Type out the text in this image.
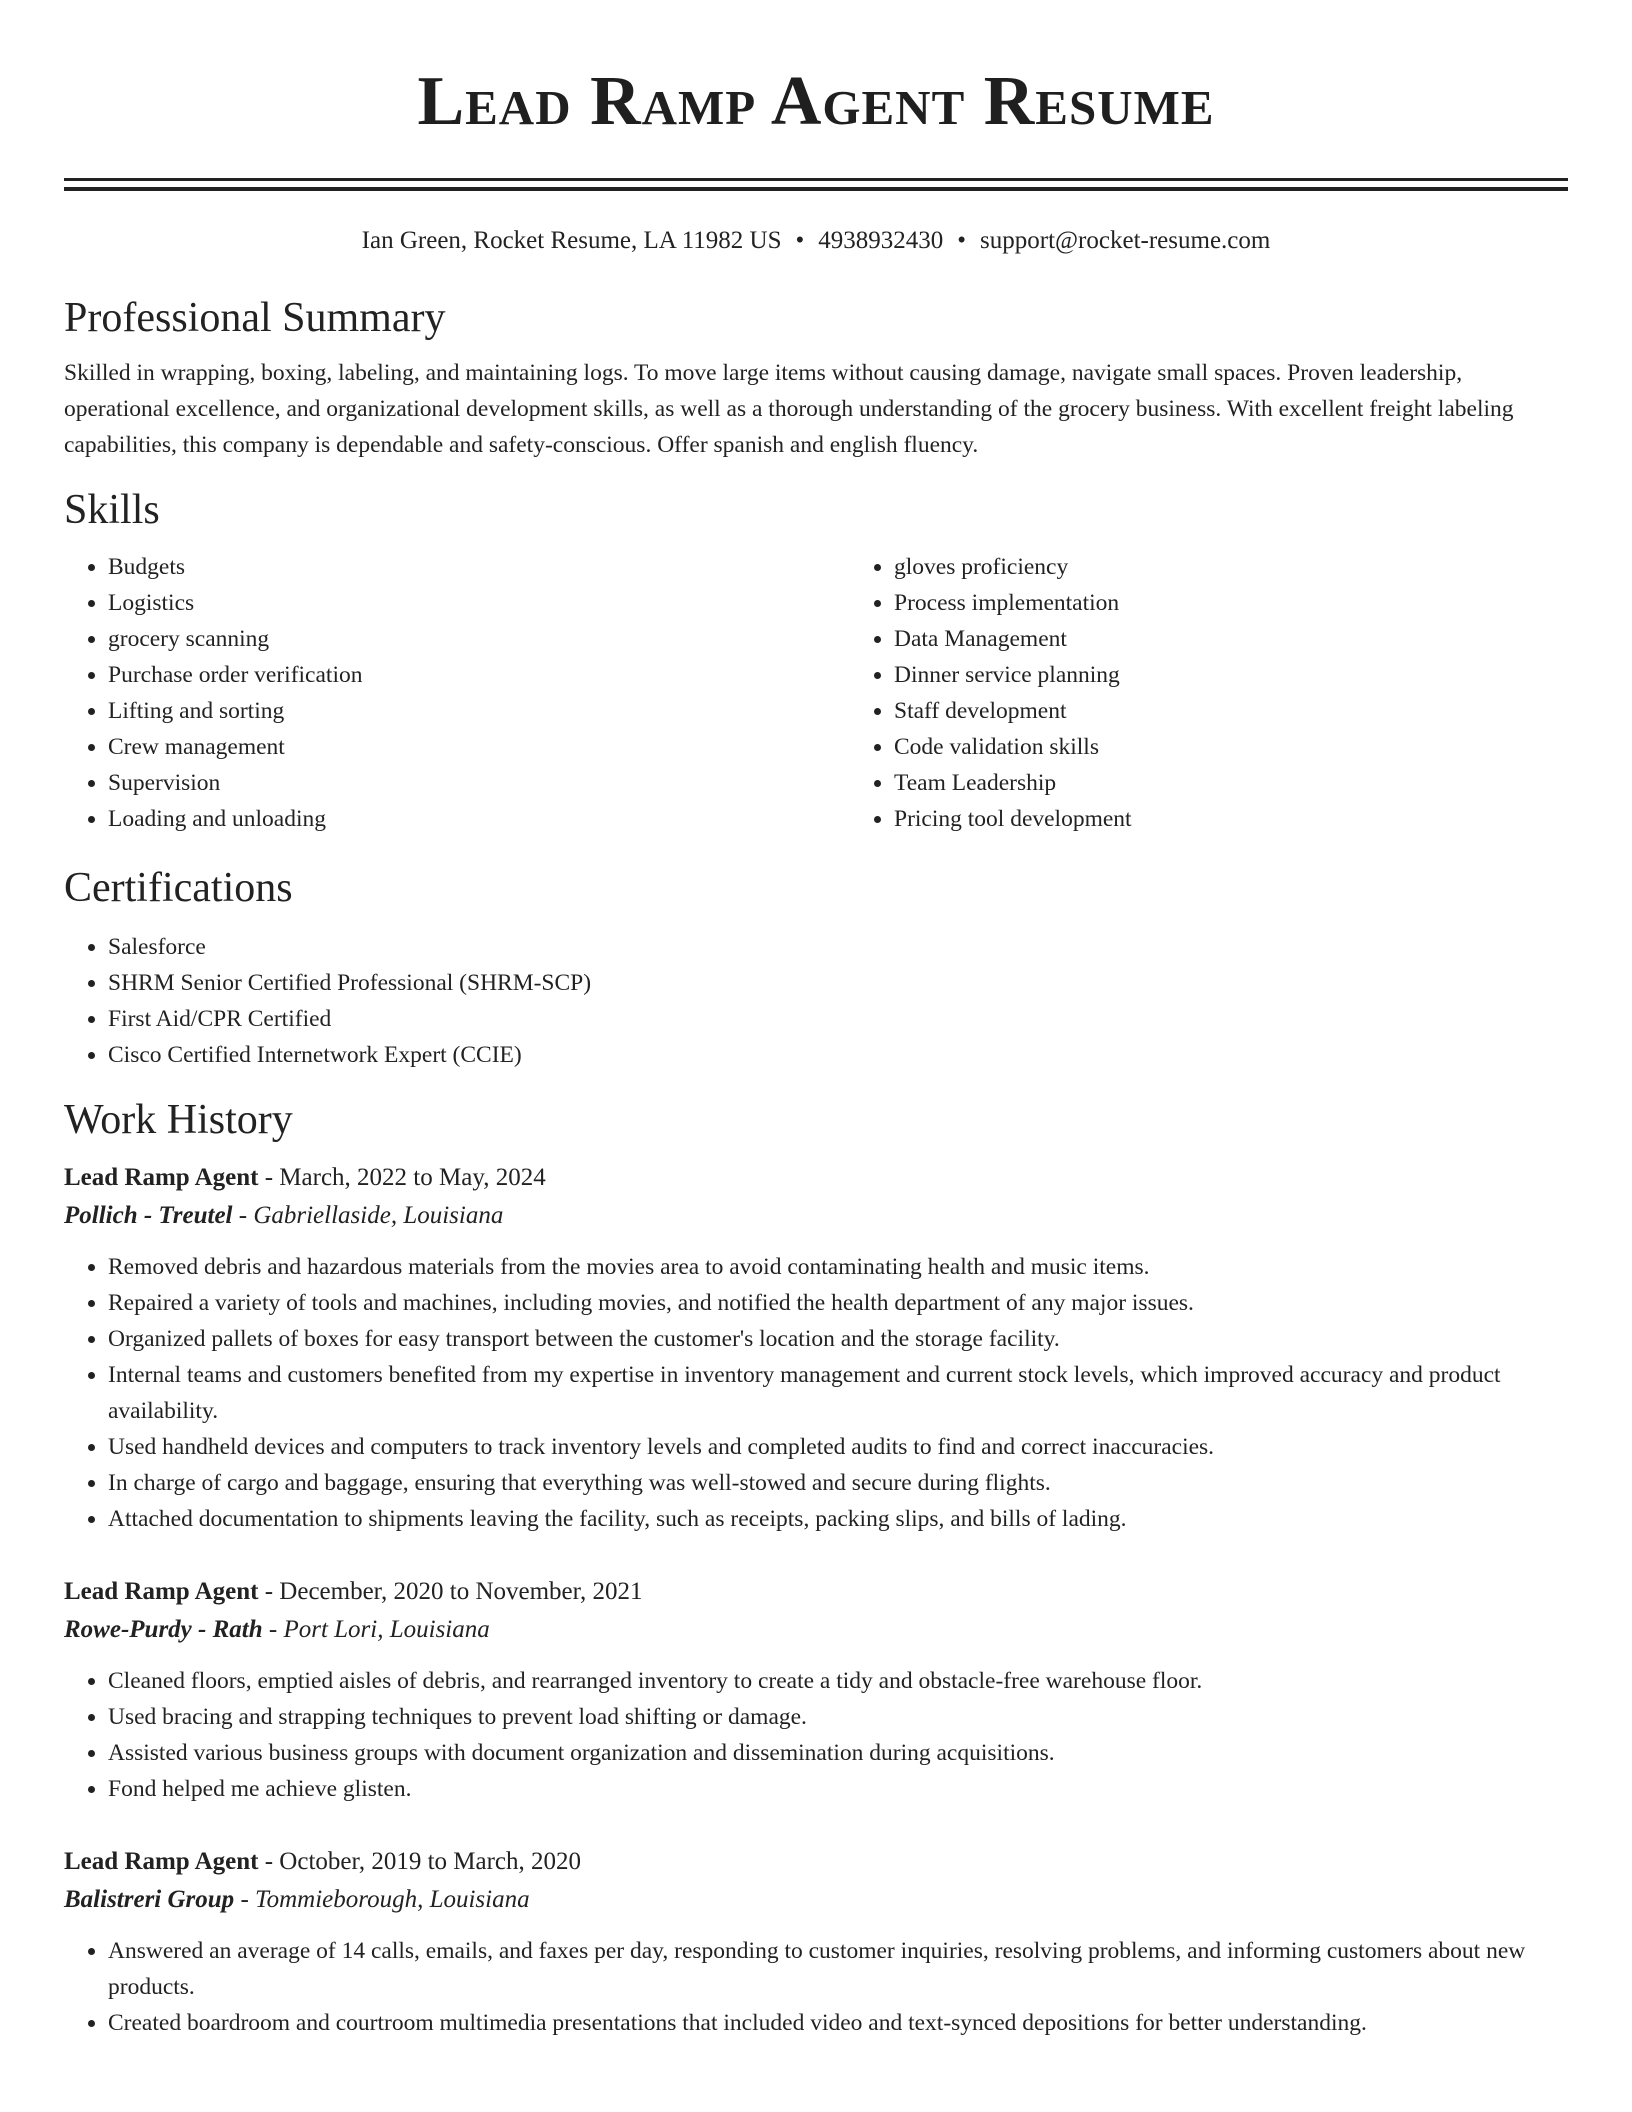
Lead Ramp Agent Resume
Ian Green, Rocket Resume, LA 11982 US • 4938932430 • support@rocket-resume.com
Professional Summary

Skilled in wrapping, boxing, labeling, and maintaining logs. To move large items without causing damage, navigate small spaces. Proven leadership, operational excellence, and organizational development skills, as well as a thorough understanding of the grocery business. With excellent freight labeling capabilities, this company is dependable and safety-conscious. Offer spanish and english fluency.

Skills
• Budgets
• Logistics
• grocery scanning
• Purchase order verification
• Lifting and sorting
• Crew management
• Supervision
• Loading and unloading
• gloves proficiency
• Process implementation
• Data Management
• Dinner service planning
• Staff development
• Code validation skills
• Team Leadership
• Pricing tool development
Certifications
• Salesforce
• SHRM Senior Certified Professional (SHRM-SCP)
• First Aid/CPR Certified
• Cisco Certified Internetwork Expert (CCIE)
Work History
Lead Ramp Agent - March, 2022 to May, 2024
Pollich - Treutel - Gabriellaside, Louisiana
• Removed debris and hazardous materials from the movies area to avoid contaminating health and music items.
• Repaired a variety of tools and machines, including movies, and notified the health department of any major issues.
• Organized pallets of boxes for easy transport between the customer's location and the storage facility.
• Internal teams and customers benefited from my expertise in inventory management and current stock levels, which improved accuracy and product availability.
• Used handheld devices and computers to track inventory levels and completed audits to find and correct inaccuracies.
• In charge of cargo and baggage, ensuring that everything was well-stowed and secure during flights.
• Attached documentation to shipments leaving the facility, such as receipts, packing slips, and bills of lading.
Lead Ramp Agent - December, 2020 to November, 2021
Rowe-Purdy - Rath - Port Lori, Louisiana
• Cleaned floors, emptied aisles of debris, and rearranged inventory to create a tidy and obstacle-free warehouse floor.
• Used bracing and strapping techniques to prevent load shifting or damage.
• Assisted various business groups with document organization and dissemination during acquisitions.
• Fond helped me achieve glisten.
Lead Ramp Agent - October, 2019 to March, 2020
Balistreri Group - Tommieborough, Louisiana
• Answered an average of 14 calls, emails, and faxes per day, responding to customer inquiries, resolving problems, and informing customers about new products.
• Created boardroom and courtroom multimedia presentations that included video and text-synced depositions for better understanding.
